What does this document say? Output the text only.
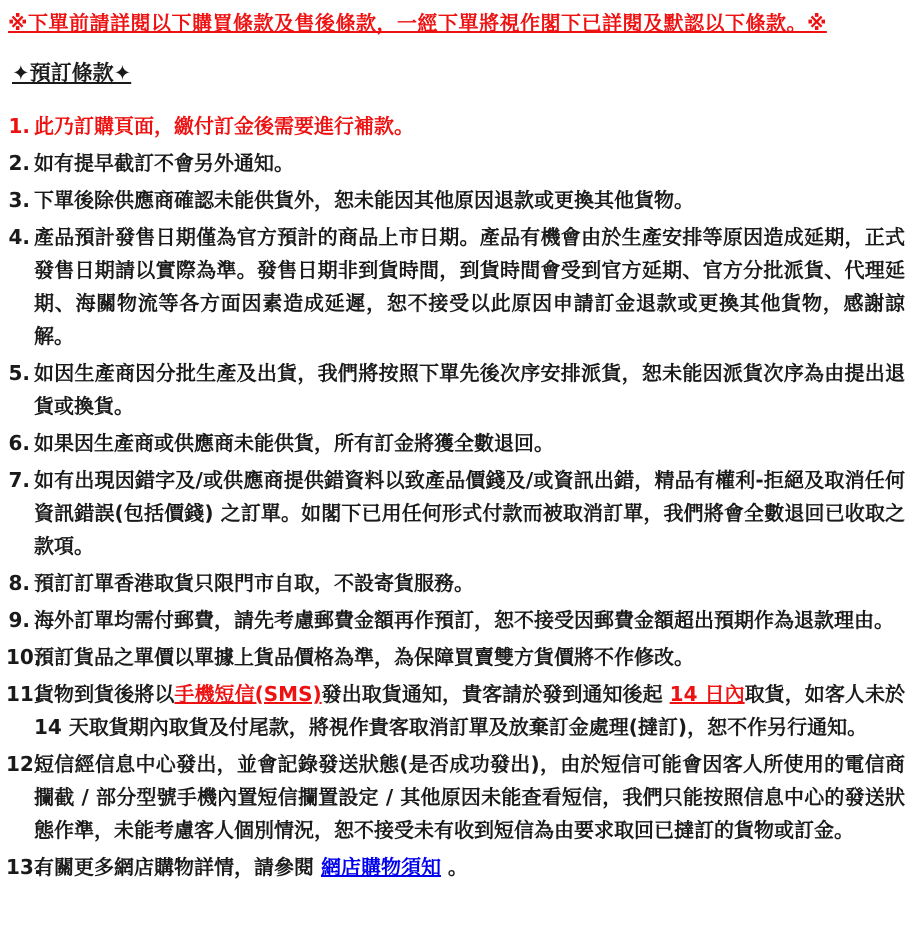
※下單前請詳閱以下購買條款及售後條款，一經下單將視作閣下已詳閱及默認以下條款。※
✦預訂條款✦
1. 此乃訂購頁面，繳付訂金後需要進行補款。
2. 如有提早截訂不會另外通知。
3. 下單後除供應商確認未能供貨外，恕未能因其他原因退款或更換其他貨物。
4. 產品預計發售日期僅為官方預計的商品上市日期。產品有機會由於生產安排等原因造成延期，正式發售日期請以實際為準。發售日期非到貨時間，到貨時間會受到官方延期、官方分批派貨、代理延期、海關物流等各方面因素造成延遲，恕不接受以此原因申請訂金退款或更換其他貨物，感謝諒解。
5. 如因生產商因分批生產及出貨，我們將按照下單先後次序安排派貨，恕未能因派貨次序為由提出退貨或換貨。
6. 如果因生產商或供應商未能供貨，所有訂金將獲全數退回。
7. 如有出現因錯字及/或供應商提供錯資料以致產品價錢及/或資訊出錯，精品有權利-拒絕及取消任何資訊錯誤(包括價錢) 之訂單。如閣下已用任何形式付款而被取消訂單，我們將會全數退回已收取之款項。
8. 預訂訂單香港取貨只限門市自取，不設寄貨服務。
9. 海外訂單均需付郵費，請先考慮郵費金額再作預訂，恕不接受因郵費金額超出預期作為退款理由。
10.
預訂貨品之單價以單據上貨品價格為準，為保障買賣雙方貨價將不作修改。
11.
貨物到貨後將以手機短信(SMS)發出取貨通知，貴客請於發到通知後起 14 日內取貨，如客人未於 14 天取貨期內取貨及付尾款，將視作貴客取消訂單及放棄訂金處理(撻訂)，恕不作另行通知。
12.
短信經信息中心發出，並會記錄發送狀態(是否成功發出)，由於短信可能會因客人所使用的電信商攔截 / 部分型號手機內置短信攔置設定 / 其他原因未能查看短信，我們只能按照信息中心的發送狀態作準，未能考慮客人個別情況，恕不接受未有收到短信為由要求取回已撻訂的貨物或訂金。
13.
有關更多網店購物詳情，請參閱 網店購物須知 。
